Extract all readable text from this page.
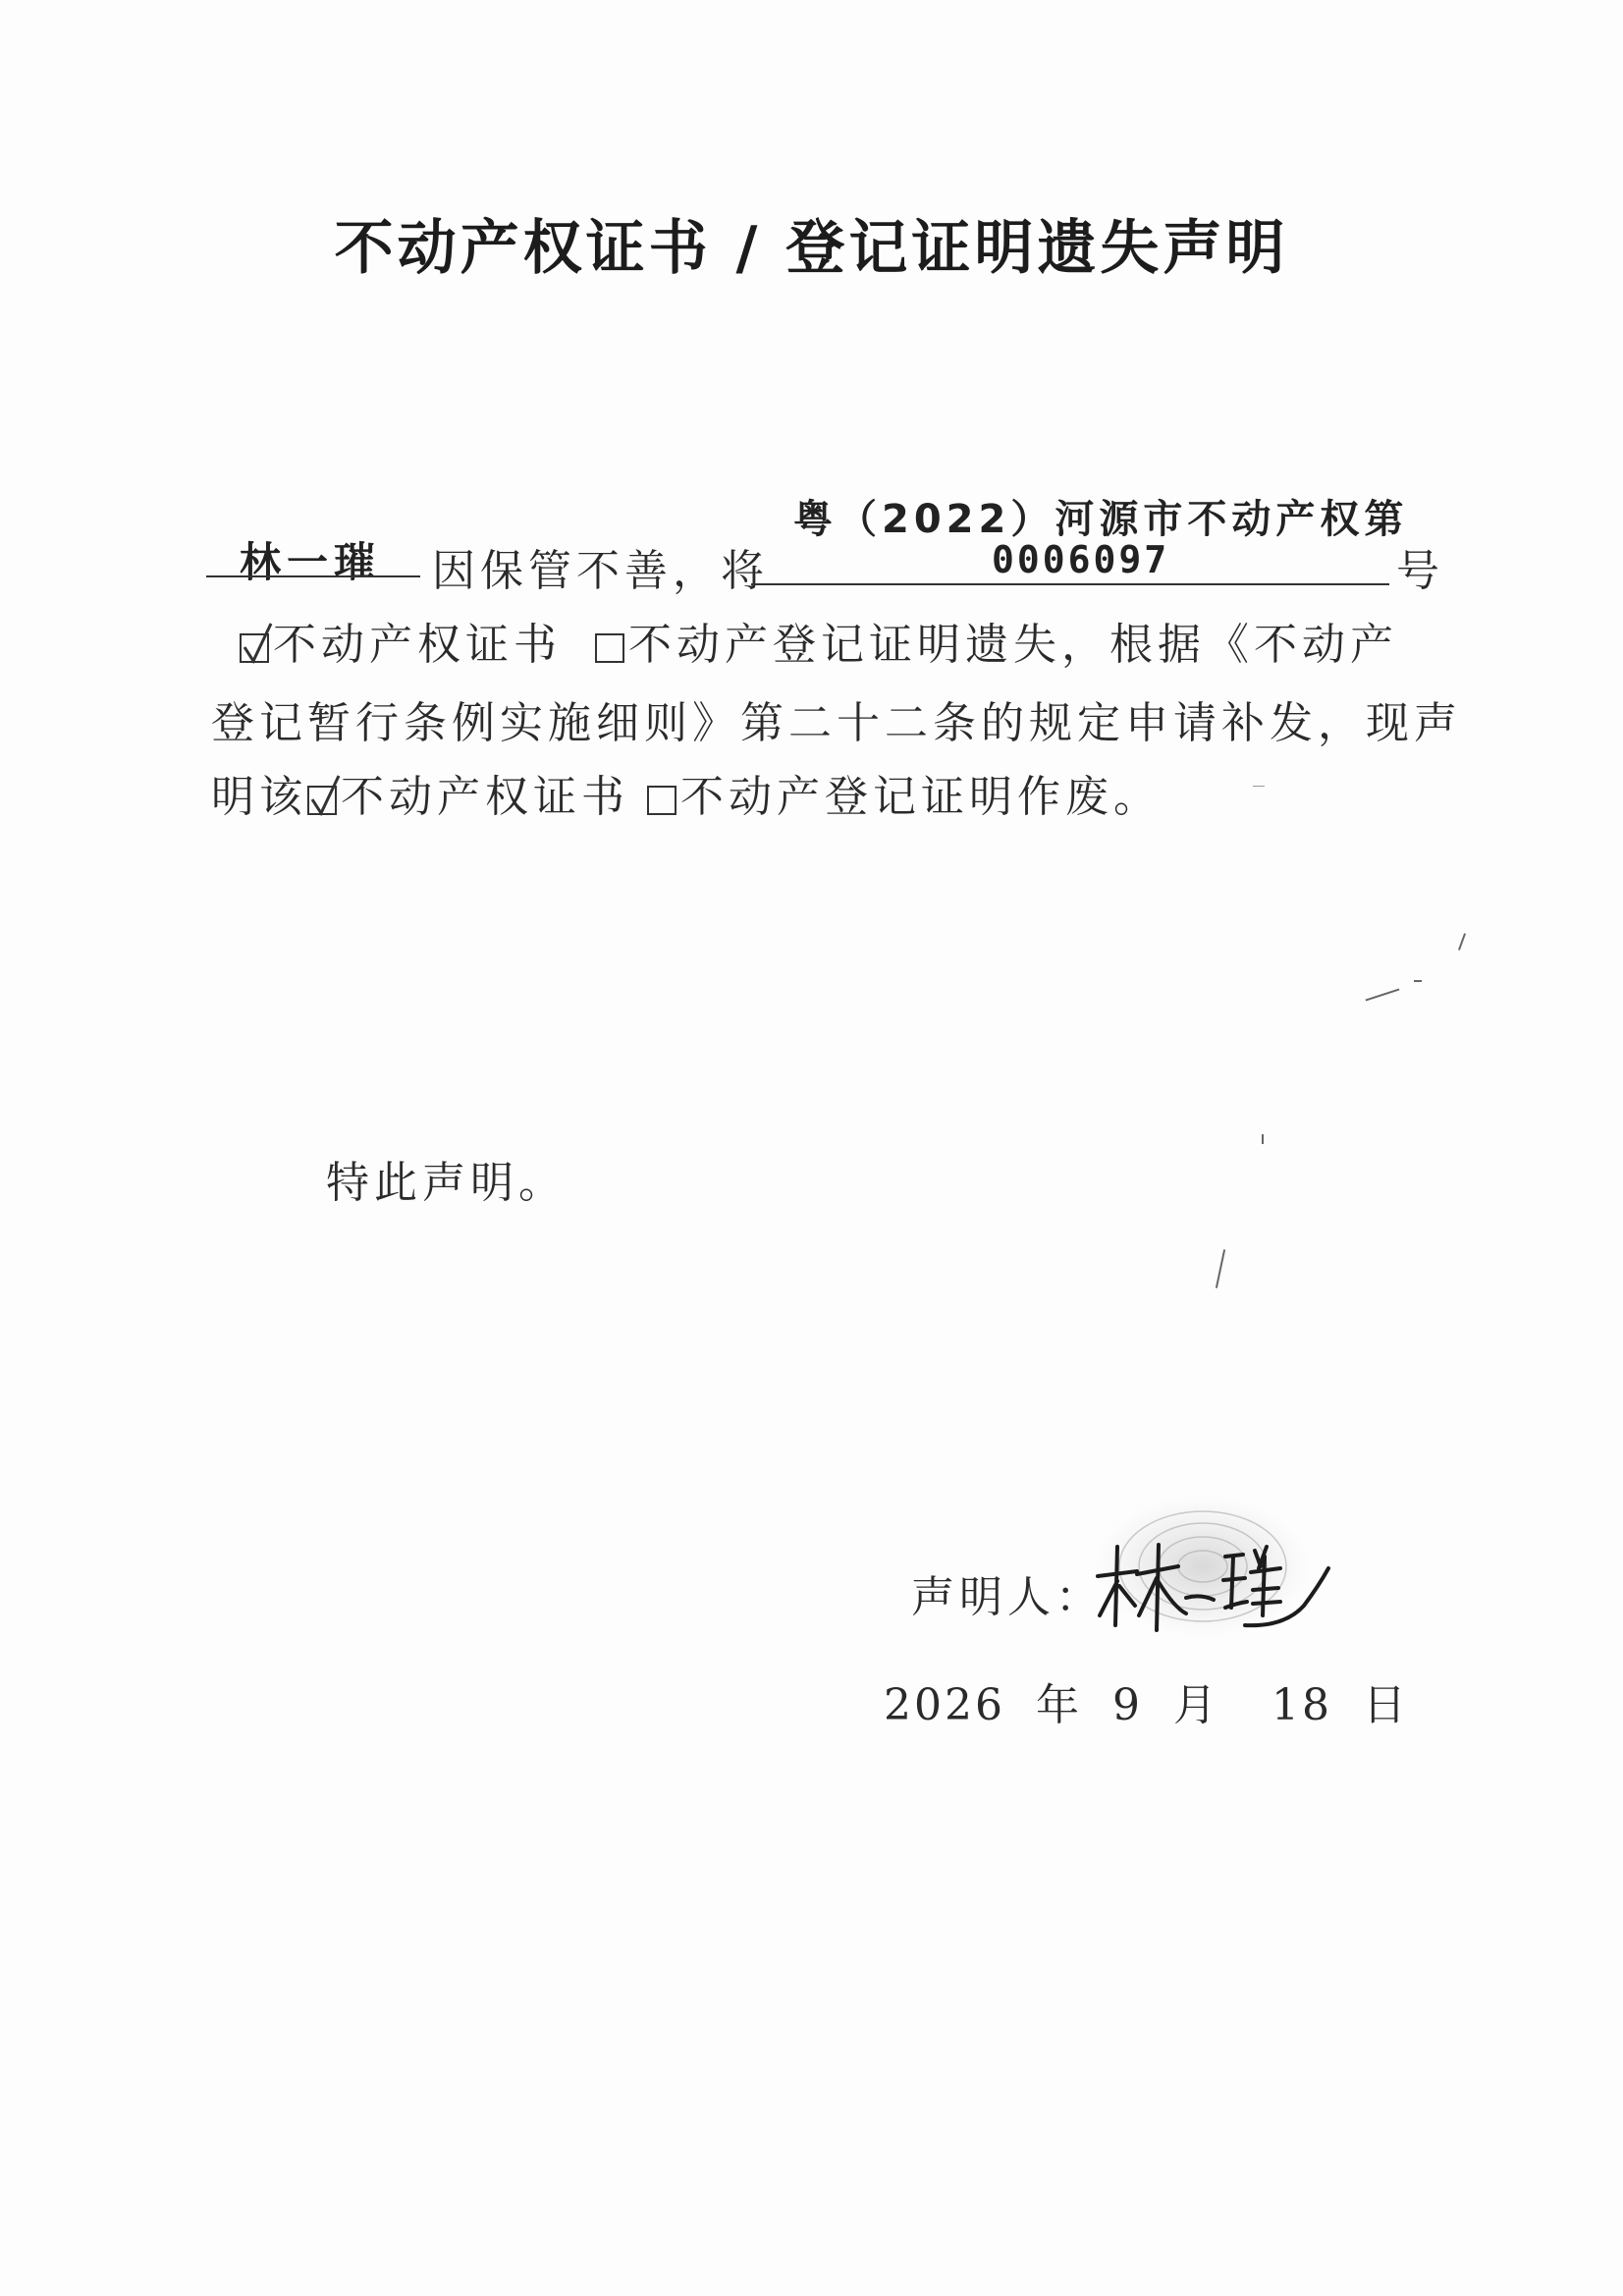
不动产权证书 / 登记证明遗失声明
林一璀 因保管不善，将
粤（2022）河源市不动产权第
0006097	号
不动产权证书 不动产登记证明遗失，根据《不动产
登记暂行条例实施细则》第二十二条的规定申请补发，现声
明该 不动产权证书 不动产登记证明作废。
特此声明。
声明人：
2026 年 9 月 18 日
